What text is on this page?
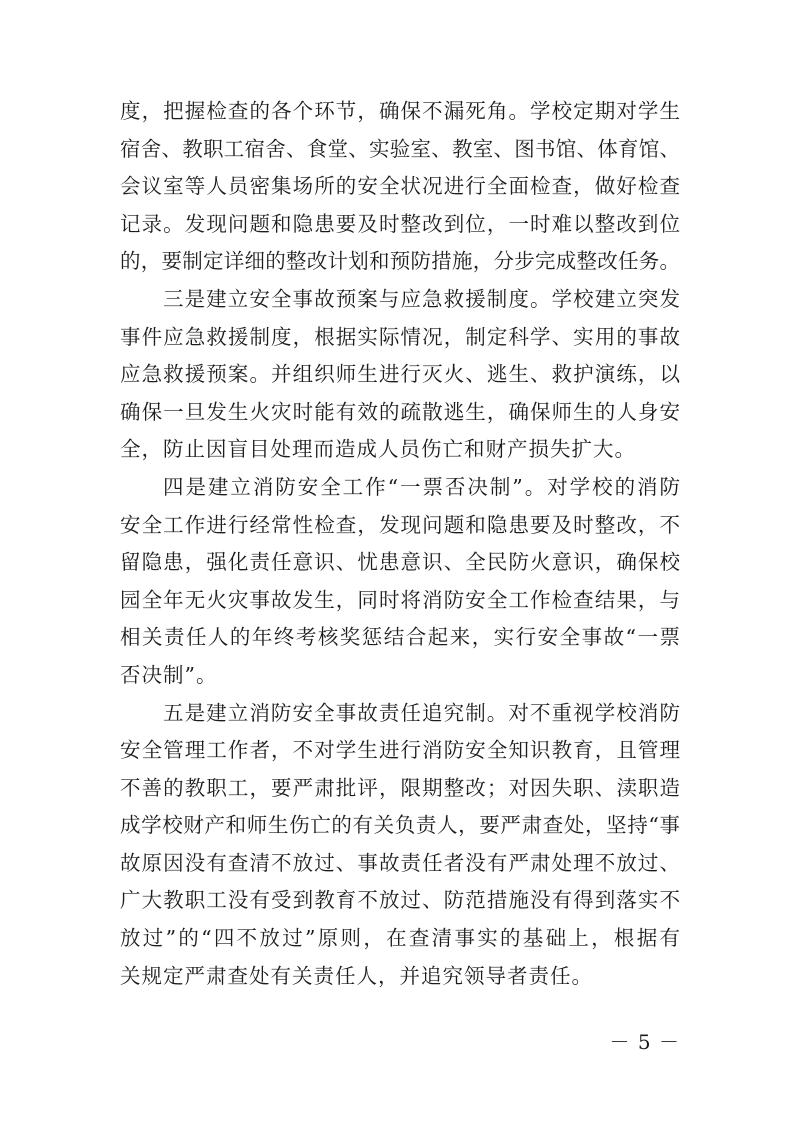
度，把握检查的各个环节，确保不漏死角。学校定期对学生
宿舍、教职工宿舍、食堂、实验室、教室、图书馆、体育馆、
会议室等人员密集场所的安全状况进行全面检查，做好检查
记录。发现问题和隐患要及时整改到位，一时难以整改到位
的，要制定详细的整改计划和预防措施，分步完成整改任务。
三是建立安全事故预案与应急救援制度。学校建立突发
事件应急救援制度，根据实际情况，制定科学、实用的事故
应急救援预案。并组织师生进行灭火、逃生、救护演练，以
确保一旦发生火灾时能有效的疏散逃生，确保师生的人身安
全，防止因盲目处理而造成人员伤亡和财产损失扩大。
四是建立消防安全工作“一票否决制”。对学校的消防
安全工作进行经常性检查，发现问题和隐患要及时整改，不
留隐患，强化责任意识、忧患意识、全民防火意识，确保校
园全年无火灾事故发生，同时将消防安全工作检查结果，与
相关责任人的年终考核奖惩结合起来，实行安全事故“一票
否决制”。
五是建立消防安全事故责任追究制。对不重视学校消防
安全管理工作者，不对学生进行消防安全知识教育，且管理
不善的教职工，要严肃批评，限期整改；对因失职、渎职造
成学校财产和师生伤亡的有关负责人，要严肃查处，坚持“事
故原因没有查清不放过、事故责任者没有严肃处理不放过、
广大教职工没有受到教育不放过、防范措施没有得到落实不
放过”的“四不放过”原则，在查清事实的基础上，根据有
关规定严肃查处有关责任人，并追究领导者责任。
－ 5 －
